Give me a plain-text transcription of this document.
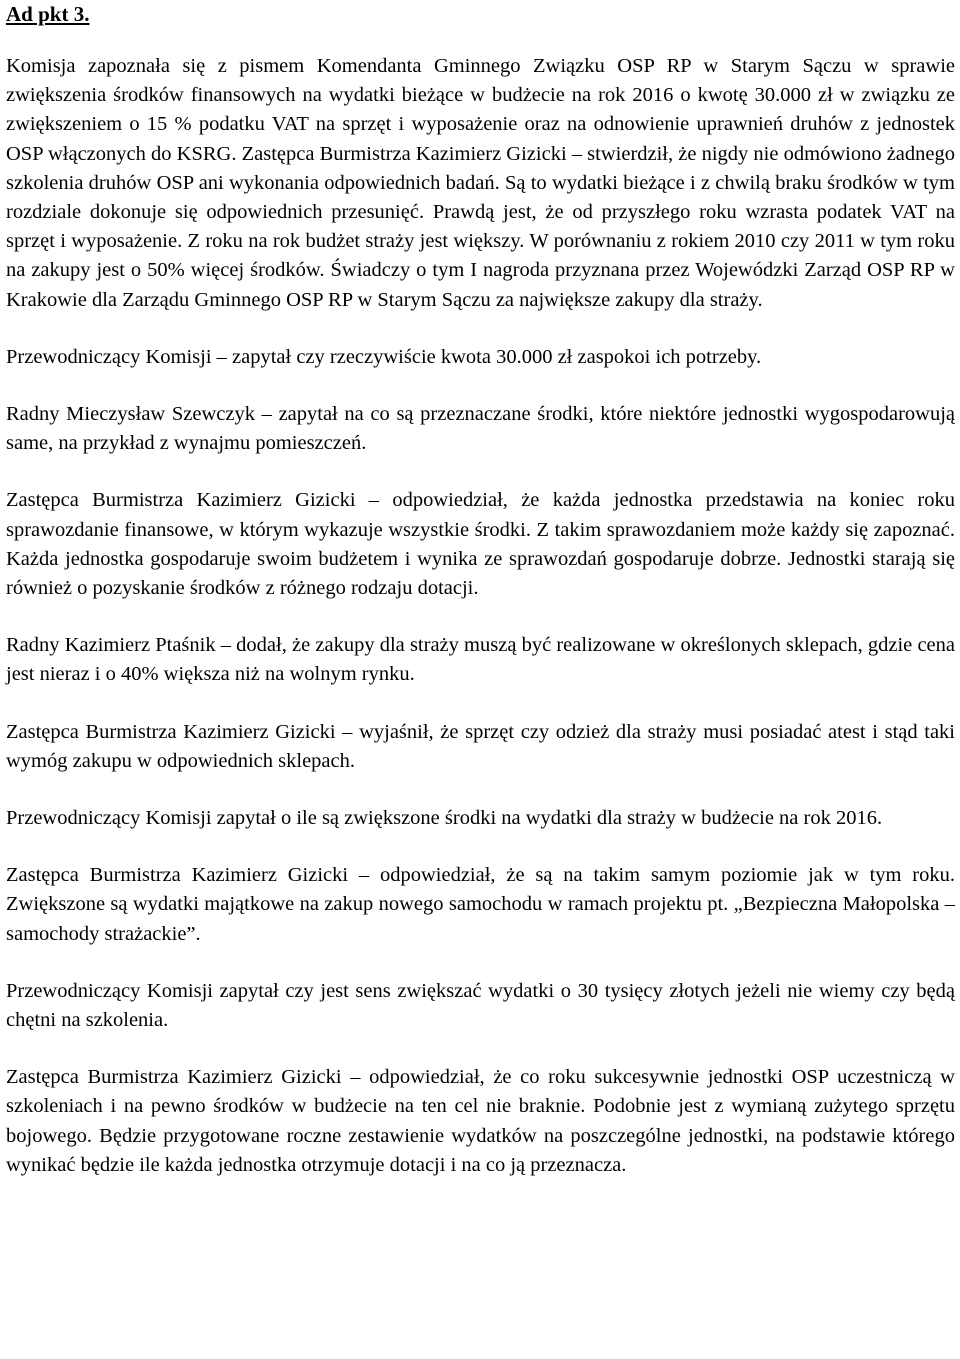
Ad pkt 3.

Komisja zapoznała się z pismem Komendanta Gminnego Związku OSP RP w Starym Sączu w sprawie zwiększenia środków finansowych na wydatki bieżące w budżecie na rok 2016 o kwotę 30.000 zł w związku ze zwiększeniem o 15 % podatku VAT na sprzęt i wyposażenie oraz na odnowienie uprawnień druhów z jednostek OSP włączonych do KSRG. Zastępca Burmistrza Kazimierz Gizicki – stwierdził, że nigdy nie odmówiono żadnego szkolenia druhów OSP ani wykonania odpowiednich badań. Są to wydatki bieżące i z chwilą braku środków w tym rozdziale dokonuje się odpowiednich przesunięć. Prawdą jest, że od przyszłego roku wzrasta podatek VAT na sprzęt i wyposażenie. Z roku na rok budżet straży jest większy. W porównaniu z rokiem 2010 czy 2011 w tym roku na zakupy jest o 50% więcej środków. Świadczy o tym I nagroda przyznana przez Wojewódzki Zarząd OSP RP w Krakowie dla Zarządu Gminnego OSP RP w Starym Sączu za największe zakupy dla straży.

Przewodniczący Komisji – zapytał czy rzeczywiście kwota 30.000 zł zaspokoi ich potrzeby.

Radny Mieczysław Szewczyk – zapytał na co są przeznaczane środki, które niektóre jednostki wygospodarowują same, na przykład z wynajmu pomieszczeń.

Zastępca Burmistrza Kazimierz Gizicki – odpowiedział, że każda jednostka przedstawia na koniec roku sprawozdanie finansowe, w którym wykazuje wszystkie środki. Z takim sprawozdaniem może każdy się zapoznać. Każda jednostka gospodaruje swoim budżetem i wynika ze sprawozdań gospodaruje dobrze. Jednostki starają się również o pozyskanie środków z różnego rodzaju dotacji.

Radny Kazimierz Ptaśnik – dodał, że zakupy dla straży muszą być realizowane w określonych sklepach, gdzie cena jest nieraz i o 40% większa niż na wolnym rynku.

Zastępca Burmistrza Kazimierz Gizicki – wyjaśnił, że sprzęt czy odzież dla straży musi posiadać atest i stąd taki wymóg zakupu w odpowiednich sklepach.

Przewodniczący Komisji zapytał o ile są zwiększone środki na wydatki dla straży w budżecie na rok 2016.

Zastępca Burmistrza Kazimierz Gizicki – odpowiedział, że są na takim samym poziomie jak w tym roku. Zwiększone są wydatki majątkowe na zakup nowego samochodu w ramach projektu pt. „Bezpieczna Małopolska – samochody strażackie”.

Przewodniczący Komisji zapytał czy jest sens zwiększać wydatki o 30 tysięcy złotych jeżeli nie wiemy czy będą chętni na szkolenia.

Zastępca Burmistrza Kazimierz Gizicki – odpowiedział, że co roku sukcesywnie jednostki OSP uczestniczą w szkoleniach i na pewno środków w budżecie na ten cel nie braknie. Podobnie jest z wymianą zużytego sprzętu bojowego. Będzie przygotowane roczne zestawienie wydatków na poszczególne jednostki, na podstawie którego wynikać będzie ile każda jednostka otrzymuje dotacji i na co ją przeznacza.
